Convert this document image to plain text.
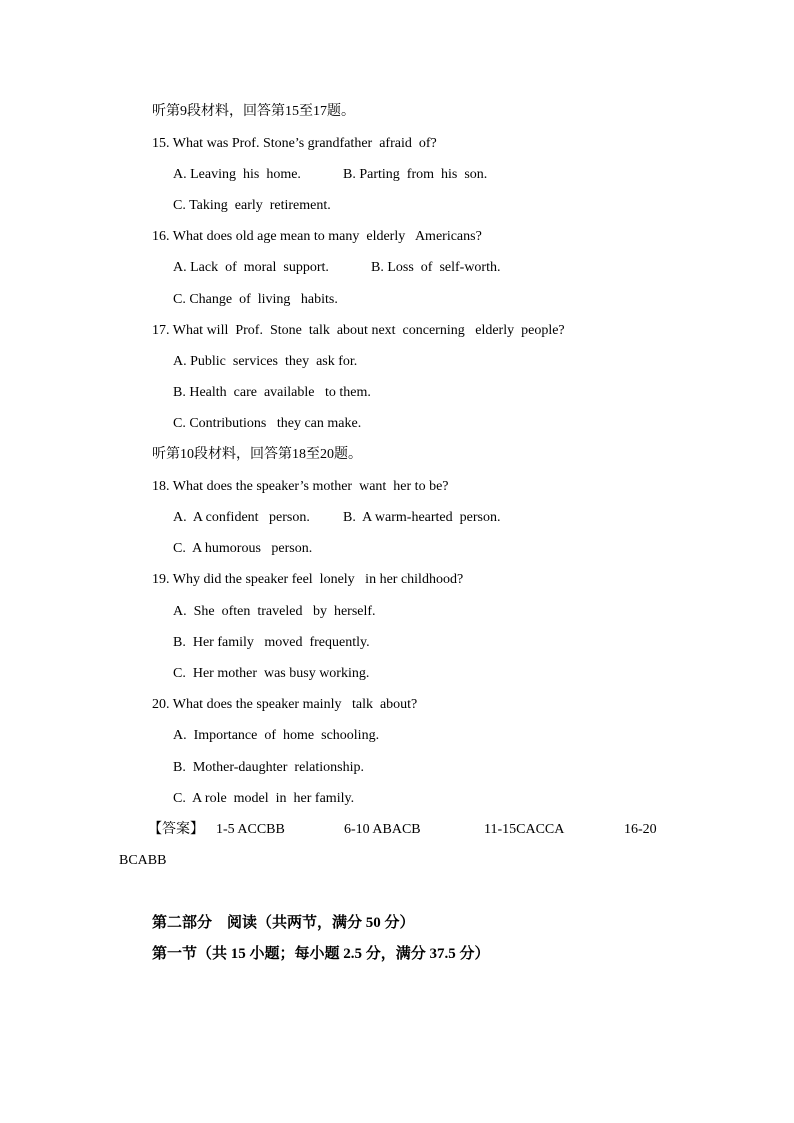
听第9段材料，回答第15至17题。
15. What was Prof. Stone’s grandfather  afraid  of?
A. Leaving  his  home.	B. Parting  from  his  son.
C. Taking  early  retirement.
16. What does old age mean to many  elderly   Americans?
A. Lack  of  moral  support.	B. Loss  of  self-worth.
C. Change  of  living   habits.
17. What will  Prof.  Stone  talk  about next  concerning   elderly  people?
A. Public  services  they  ask for.
B. Health  care  available   to them.
C. Contributions   they can make.
听第10段材料，回答第18至20题。
18. What does the speaker’s mother  want  her to be?
A.  A confident   person. B.  A warm-hearted  person.
C.  A humorous   person.
19. Why did the speaker feel  lonely   in her childhood?
A.  She  often  traveled   by  herself.
B.  Her family   moved  frequently.
C.  Her mother  was busy working.
20. What does the speaker mainly   talk  about?
A.  Importance  of  home  schooling.
B.  Mother-daughter  relationship.
C.  A role  model  in  her family.
【答案】 1-5 ACCBB	6-10 ABACB	11-15CACCA	16-20
BCABB
第二部分    阅读（共两节，满分 50 分）
第一节（共 15 小题；每小题 2.5 分，满分 37.5 分）
